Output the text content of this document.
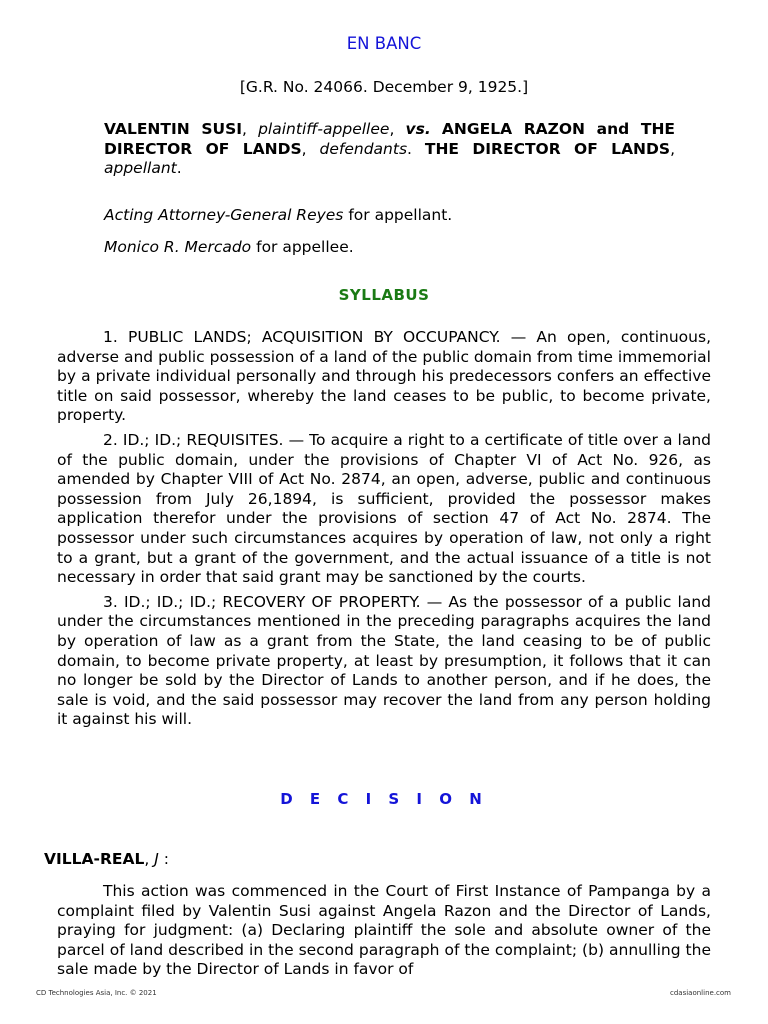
EN BANC
[G.R. No. 24066. December 9, 1925.]
VALENTIN SUSI, plaintiff-appellee, vs. ANGELA RAZON and THE DIRECTOR OF LANDS, defendants. THE DIRECTOR OF LANDS, appellant.
Acting Attorney-General Reyes for appellant.
Monico R. Mercado for appellee.
SYLLABUS

1. PUBLIC LANDS; ACQUISITION BY OCCUPANCY. — An open, continuous, adverse and public possession of a land of the public domain from time immemorial by a private individual personally and through his predecessors confers an effective title on said possessor, whereby the land ceases to be public, to become private, property.

2. ID.; ID.; REQUISITES. — To acquire a right to a certificate of title over a land of the public domain, under the provisions of Chapter VI of Act No. 926, as amended by Chapter VIII of Act No. 2874, an open, adverse, public and continuous possession from July 26,1894, is sufficient, provided the possessor makes application therefor under the provisions of section 47 of Act No. 2874. The possessor under such circumstances acquires by operation of law, not only a right to a grant, but a grant of the government, and the actual issuance of a title is not necessary in order that said grant may be sanctioned by the courts.

3. ID.; ID.; ID.; RECOVERY OF PROPERTY. — As the possessor of a public land under the circumstances mentioned in the preceding paragraphs acquires the land by operation of law as a grant from the State, the land ceasing to be of public domain, to become private property, at least by presumption, it follows that it can no longer be sold by the Director of Lands to another person, and if he does, the sale is void, and the said possessor may recover the land from any person holding it against his will.

D E C I S I O N
VILLA-REAL, J :

This action was commenced in the Court of First Instance of Pampanga by a complaint filed by Valentin Susi against Angela Razon and the Director of Lands, praying for judgment: (a) Declaring plaintiff the sole and absolute owner of the parcel of land described in the second paragraph of the complaint; (b) annulling the sale made by the Director of Lands in favor of

CD Technologies Asia, Inc. © 2021	cdasiaonline.com
